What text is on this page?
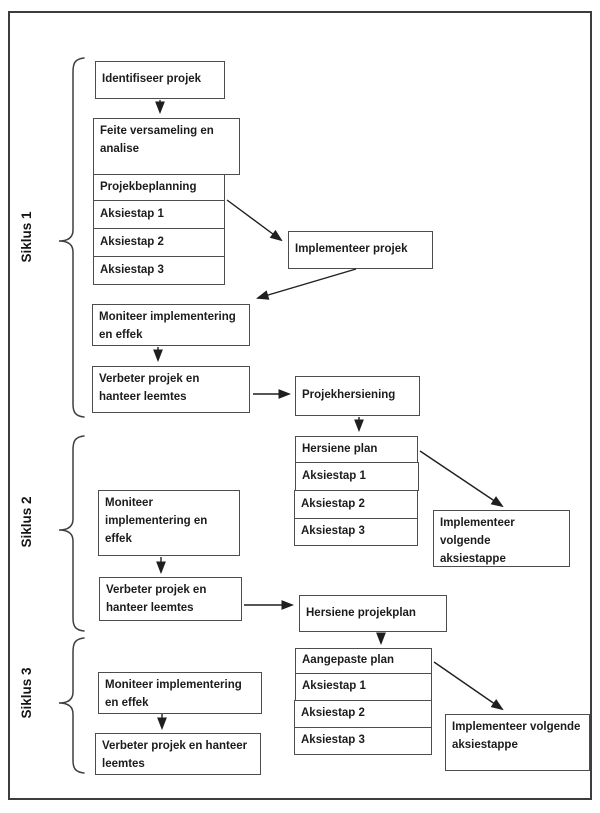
Siklus 1
Siklus 2
Siklus 3
Identifiseer projek
Feite versameling en analise
Projekbeplanning
Aksiestap 1
Aksiestap 2
Aksiestap 3
Implementeer projek
Moniteer implementering en effek
Verbeter projek en hanteer leemtes	Projekhersiening
Hersiene plan
Aksiestap 1
Aksiestap 2
Aksiestap 3
Implementeer volgende aksiestappe
Moniteer implementering en effek
Verbeter projek en hanteer leemtes	Hersiene projekplan
Aangepaste plan
Aksiestap 1
Aksiestap 2
Aksiestap 3
Implementeer volgende aksiestappe
Moniteer implementering en effek
Verbeter projek en hanteer leemtes
